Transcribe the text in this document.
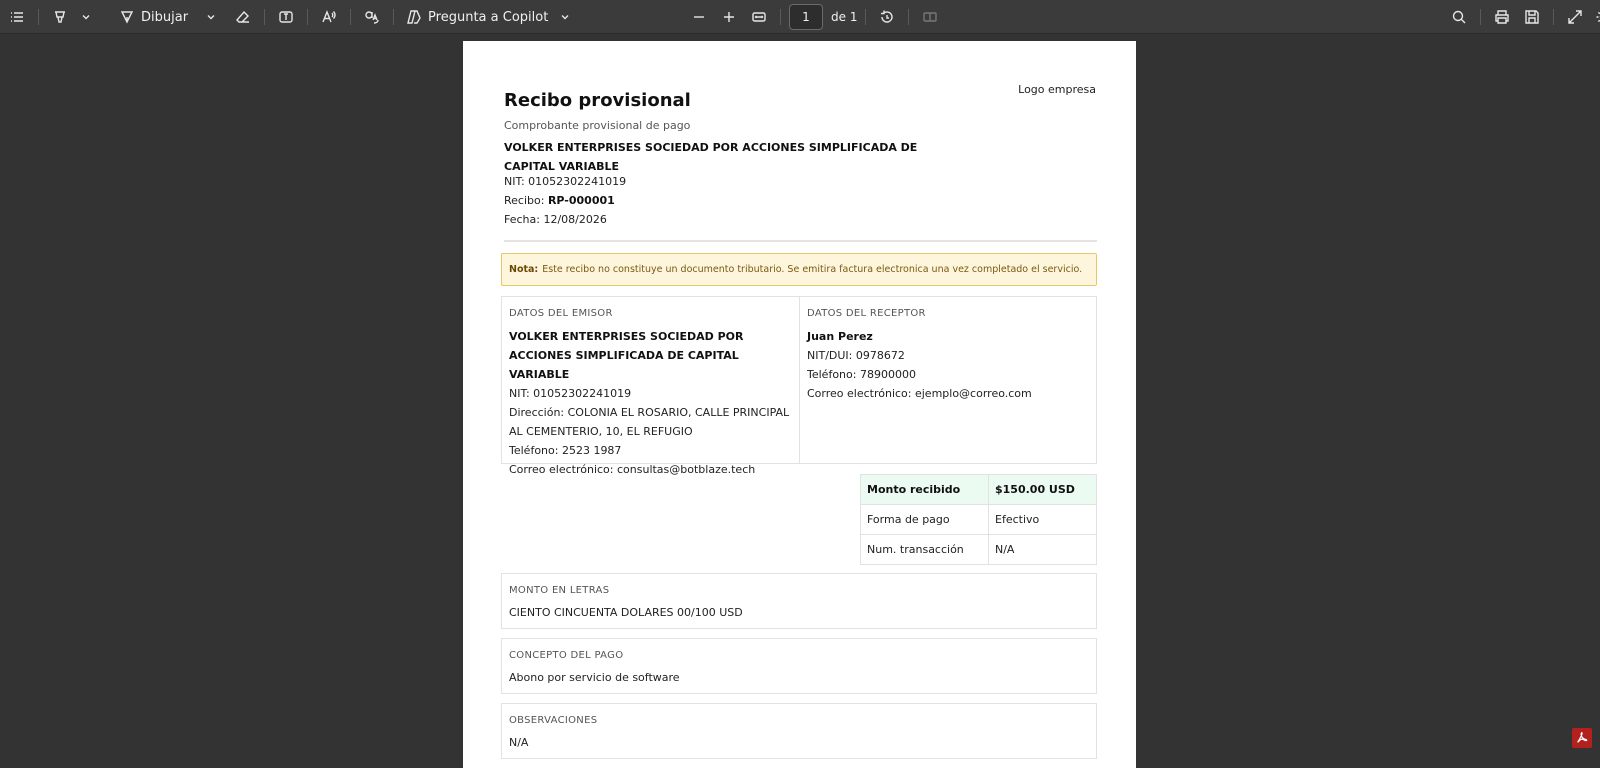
Dibujar	Pregunta a Copilot
1	de 1
Logo empresa
Recibo provisional
Comprobante provisional de pago
VOLKER ENTERPRISES SOCIEDAD POR ACCIONES SIMPLIFICADA DE CAPITAL VARIABLE
NIT: 01052302241019
Recibo: RP-000001
Fecha: 12/08/2026
Nota: Este recibo no constituye un documento tributario. Se emitira factura electronica una vez completado el servicio.
DATOS DEL EMISOR
VOLKER ENTERPRISES SOCIEDAD POR ACCIONES SIMPLIFICADA DE CAPITAL VARIABLE
NIT: 01052302241019
Dirección: COLONIA EL ROSARIO, CALLE PRINCIPAL AL CEMENTERIO, 10, EL REFUGIO
Teléfono: 2523 1987
Correo electrónico: consultas@botblaze.tech
DATOS DEL RECEPTOR
Juan Perez
NIT/DUI: 0978672
Teléfono: 78900000
Correo electrónico: ejemplo@correo.com
Monto recibido	$150.00 USD
Forma de pago	Efectivo
Num. transacción	N/A
MONTO EN LETRAS
CIENTO CINCUENTA DOLARES 00/100 USD
CONCEPTO DEL PAGO
Abono por servicio de software
OBSERVACIONES
N/A
